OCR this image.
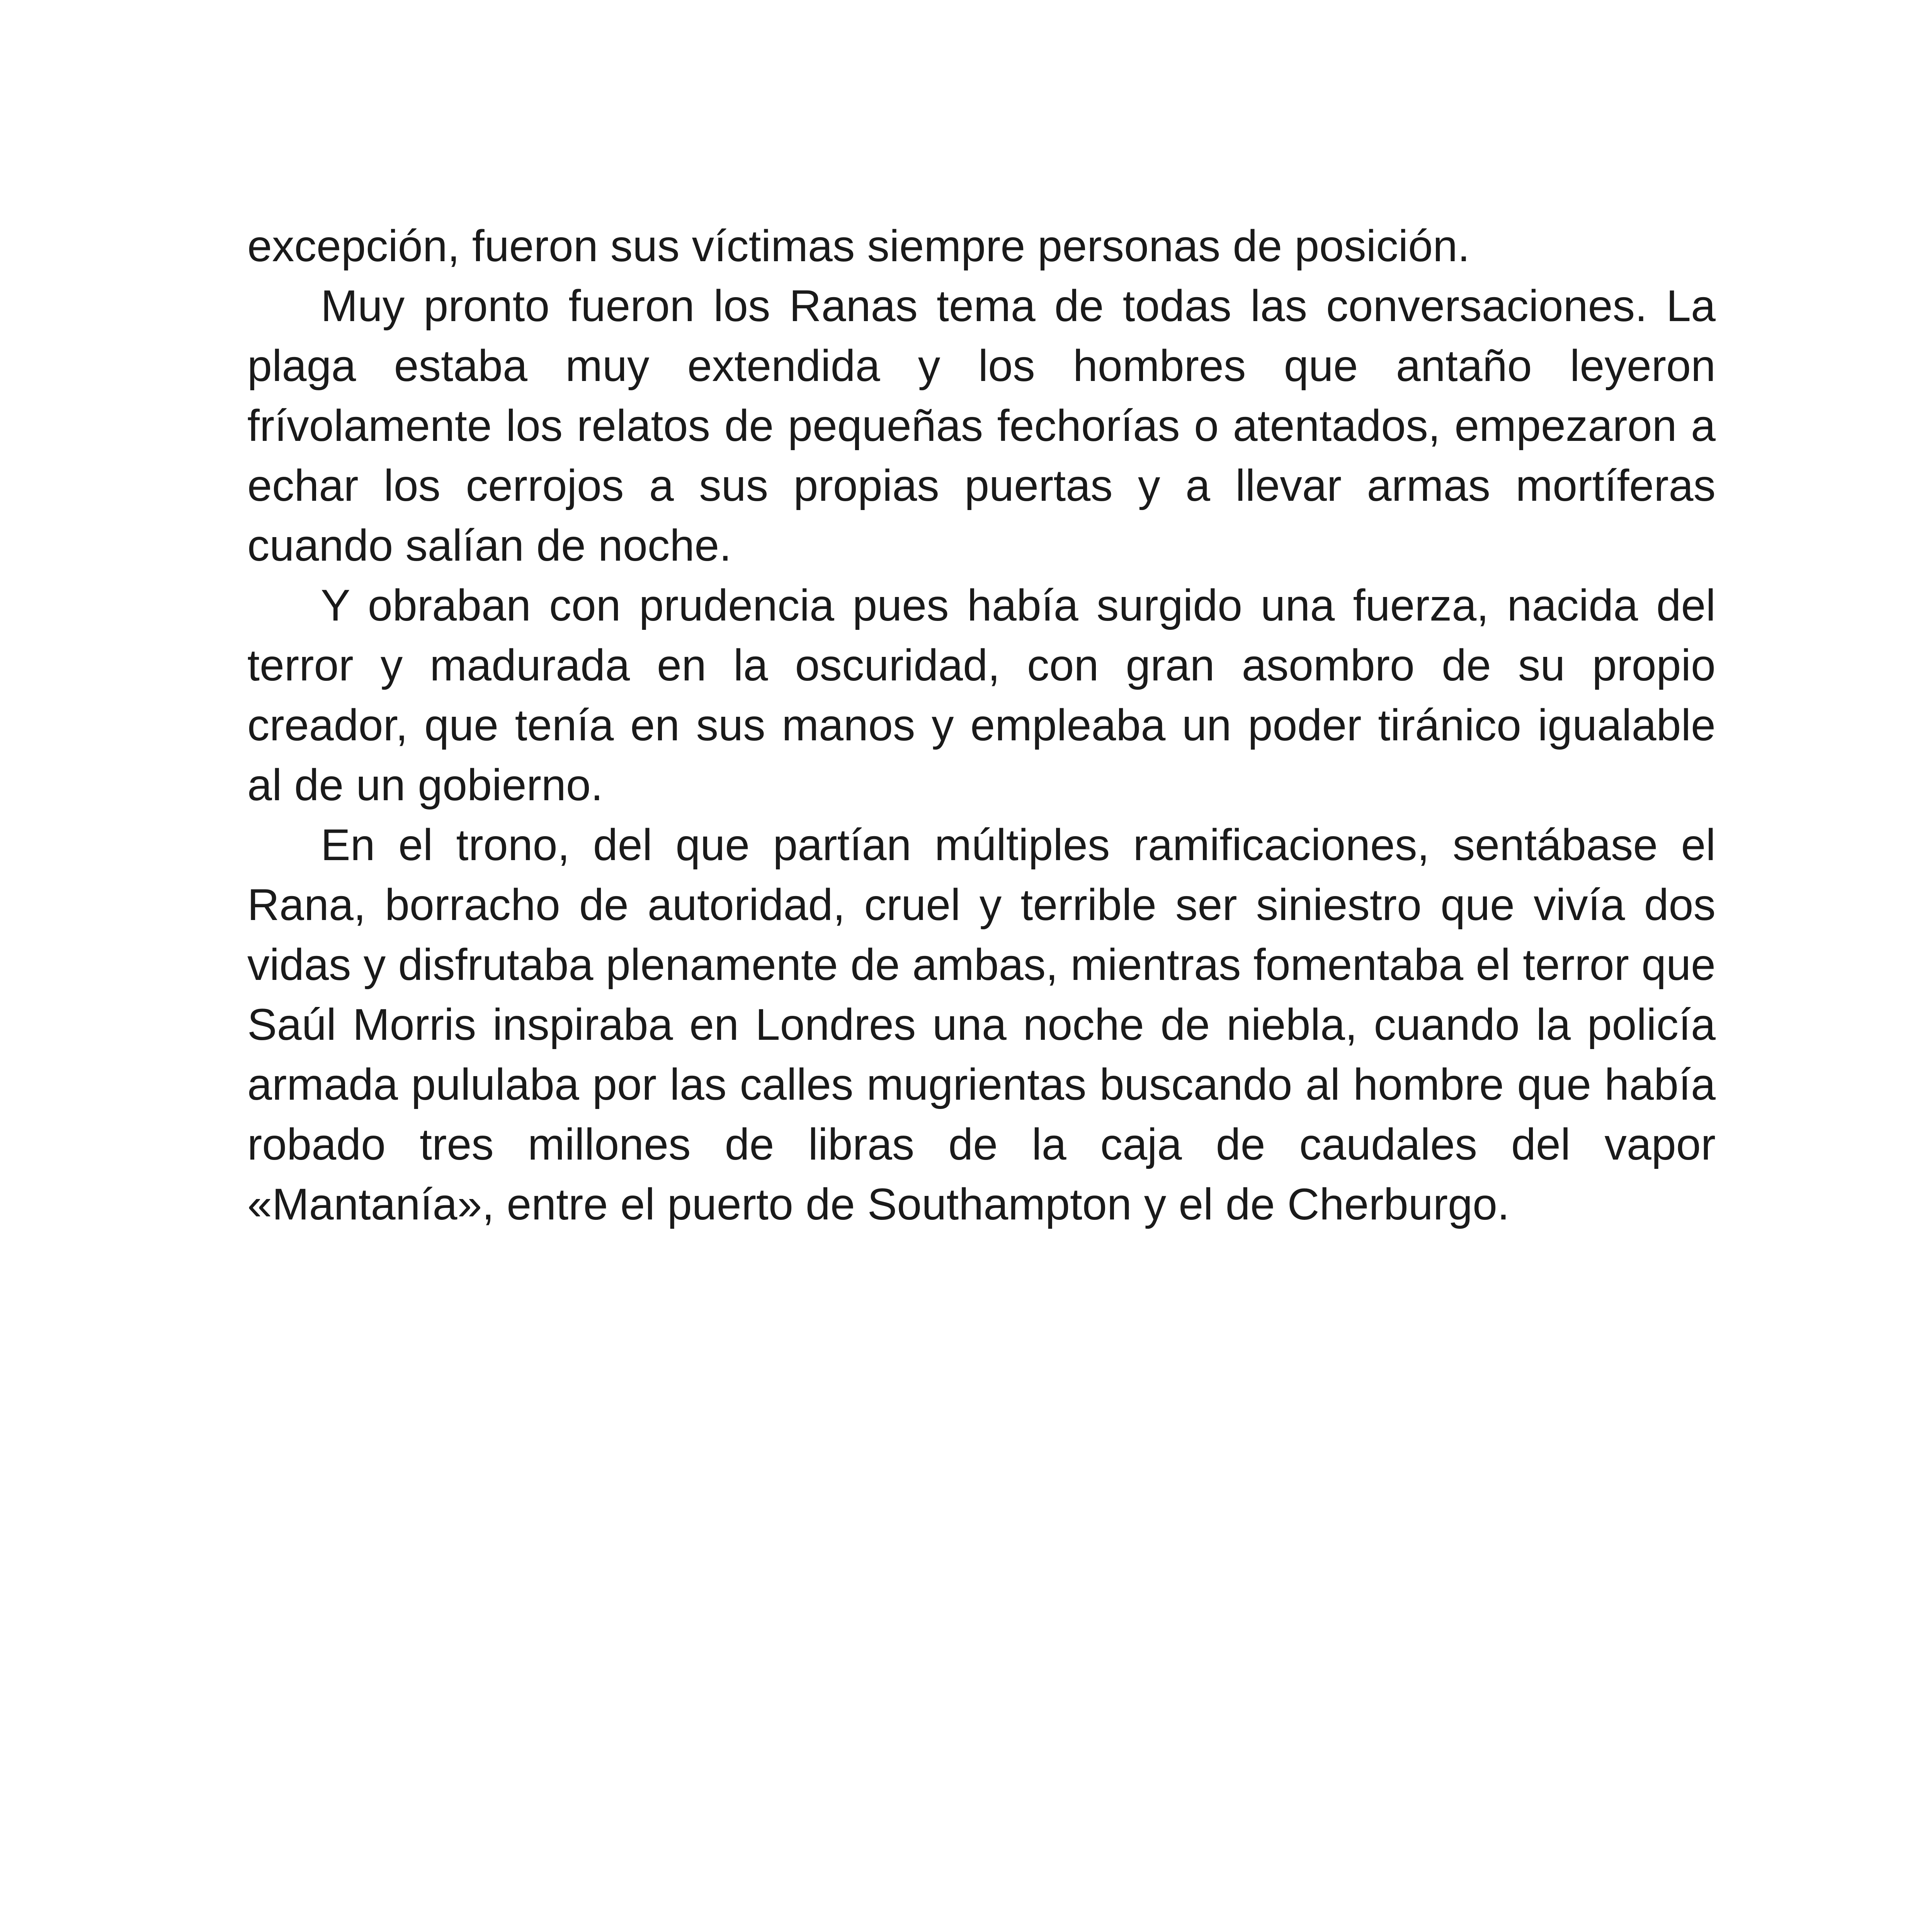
excepción, fueron sus víctimas siempre personas de posición.

Muy pronto fueron los Ranas tema de todas las conversaciones. La plaga estaba muy extendida y los hombres que antaño leyeron frívolamente los relatos de pequeñas fechorías o atentados, empezaron a echar los cerrojos a sus propias puertas y a llevar armas mortíferas cuando salían de noche.

Y obraban con prudencia pues había surgido una fuerza, nacida del terror y madurada en la oscuridad, con gran asombro de su propio creador, que tenía en sus manos y empleaba un poder tiránico igualable al de un gobierno.

En el trono, del que partían múltiples ramificaciones, sentábase el Rana, borracho de autoridad, cruel y terrible ser siniestro que vivía dos vidas y disfrutaba plenamente de ambas, mientras fomentaba el terror que Saúl Morris inspiraba en Londres una noche de niebla, cuando la policía armada pululaba por las calles mugrientas buscando al hombre que había robado tres millones de libras de la caja de caudales del vapor «Mantanía», entre el puerto de Southampton y el de Cherburgo.
